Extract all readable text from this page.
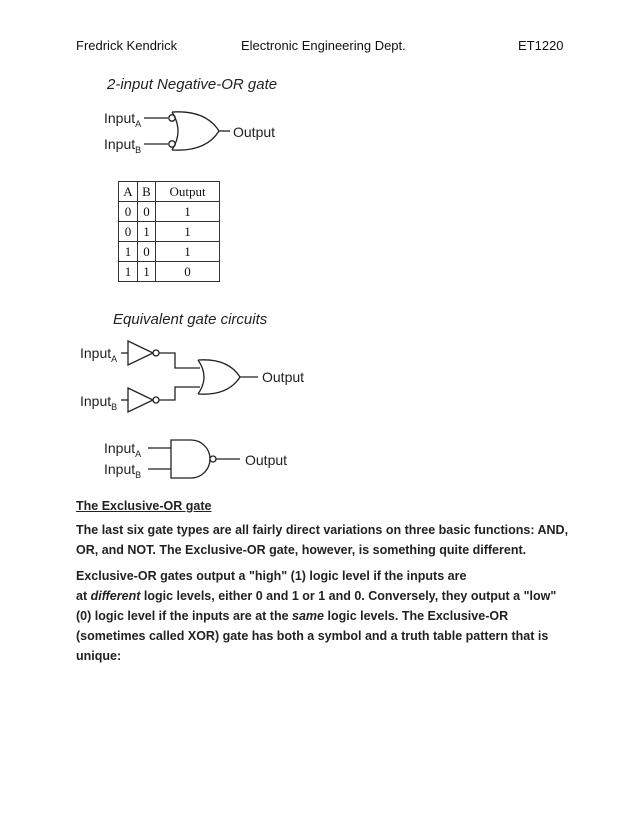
Fredrick Kendrick	Electronic Engineering Dept.	ET1220
2-input Negative-OR gate
Input$_A$
Input$_B$
Output
Input$_A$
Input$_B$
Output
Input$_A$
Input$_B$
Output
A	B	Output
0	0	1
0	1	1
1	0	1
1	1	0
Equivalent gate circuits
The Exclusive-OR gate
The last six gate types are all fairly direct variations on three basic functions: AND, OR, and NOT. The Exclusive-OR gate, however, is something quite different.
Exclusive-OR gates output a "high" (1) logic level if the inputs are
at different logic levels, either 0 and 1 or 1 and 0. Conversely, they output a "low"
(0) logic level if the inputs are at the same logic levels. The Exclusive-OR
(sometimes called XOR) gate has both a symbol and a truth table pattern that is
unique:
